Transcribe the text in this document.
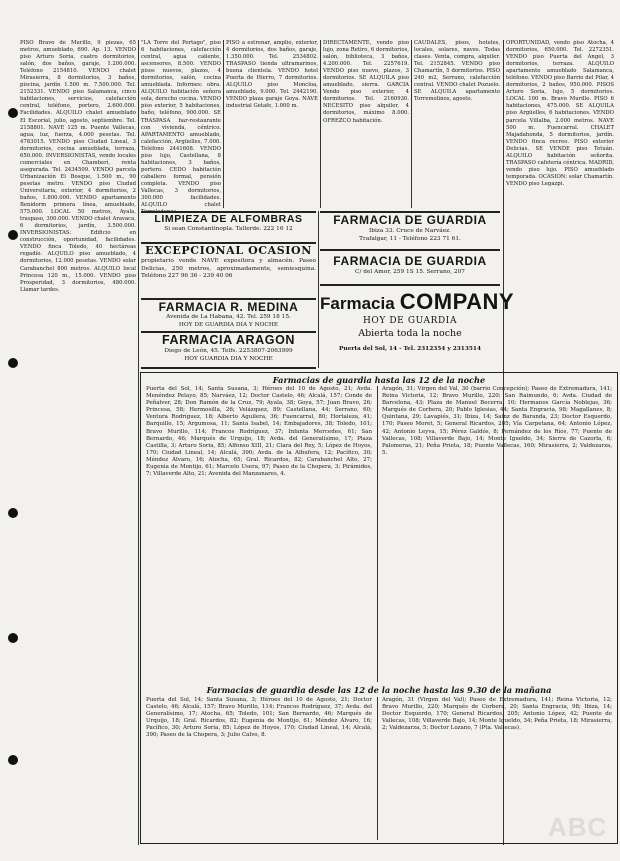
PISO Bravo de Murillo, 9 piezas, 65 metros, amueblado, 690. Ap. 13. VENDO piso Arturo Soria, cuatro dormitorios, salón, dos baños, garaje, 1.200.000. Teléfono 2154810. VENDO chalet Mirasierra, 8 dormitorios, 3 baños, piscina, jardín 1.500 m. 7.500.000. Tel. 2152331. VENDO piso Salamanca, cinco habitaciones, servicios, calefacción central, teléfono, portero, 2.600.000. Facilidades. ALQUILO chalet amueblado El Escorial, julio, agosto, septiembre. Tel. 2158801. NAVE 125 m. Puente Vallecas, agua, luz, fuerza, 4.000 pesetas. Tel. 4783015. VENDO piso Ciudad Lineal, 3 dormitorios, cocina amueblada, terraza, 650.000. INVERSIONISTAS, vendo locales comerciales en Chamberí, renta asegurada. Tel. 2434509. VENDO parcela Urbanización El Bosque, 1.500 m., 90 pesetas metro. VENDO piso Ciudad Universitaria, exterior, 4 dormitorios, 2 baños, 1.800.000. VENDO apartamento Benidorm primera línea, amueblado, 575.000. LOCAL 50 metros, Ayala, traspaso, 300.000. VENDO chalet Aravaca, 6 dormitorios, jardín, 3.500.000. INVERSIONISTAS: Edificio en construcción, oportunidad, facilidades. VENDO finca Toledo, 40 hectáreas regadío. ALQUILO piso amueblado, 4 dormitorios, 12.000 pesetas. VENDO solar Carabanchel 800 metros. ALQUILO local Princesa 120 m., 15.000. VENDO piso Prosperidad, 3 dormitorios, 480.000. Llamar tardes.

"LA Torre del Portago", piso 6 habitaciones, calefacción central, agua caliente, ascensores, 8.500. VENDO pisos nuevos, plazos, 4 dormitorios, salón, cocina amueblada. Informes: obra. ALQUILO habitación señora sola, derecho cocina. VENDO piso exterior, 5 habitaciones, baño, teléfono, 900.000. SE TRASPASA bar-restaurante con vivienda, céntrico. APARTAMENTO amueblado, calefacción, Argüelles, 7.000. Teléfono 2441608. VENDO piso lujo, Castellana, 8 habitaciones, 3 baños, portero. CEDO habitación caballero formal, pensión completa. VENDO piso Vallecas, 3 dormitorios, 300.000 facilidades. ALQUILO chalet

PISO a estrenar, amplio, exterior, 4 dormitorios, dos baños, garaje, 1.350.000. Tel. 2534802. TRASPASO tienda ultramarinos, buena clientela. VENDO hotel Puerta de Hierro, 7 dormitorios. ALQUILO piso Moncloa, amueblado, 9.000. Tel. 2442190. VENDO plaza garaje Goya. NAVE industrial Getafe, 1.000 m.

DIRECTAMENTE, vendo piso lujo, zona Retiro, 6 dormitorios, salón, biblioteca, 3 baños, 4.200.000. Tel. 2257619. VENDO piso nuevo, plazos, 3 dormitorios. SE ALQUILA piso amueblado, sierra. GARCIA Vendo piso exterior, 4 dormitorios. Tel. 2160930. NECESITO piso alquiler, 4 dormitorios, máximo 8.000. OFREZCO habitación.

CAUDALES, pisos, hoteles, locales, solares, naves. Todas clases. Venta, compra, alquiler. Tel. 2152845. VENDO piso Chamartín, 5 dormitorios. PISO 240 m2, Serrano, calefacción central. VENDO chalet Pozuelo. SE ALQUILA apartamento Torremolinos, agosto.

OPORTUNIDAD, vendo piso Atocha, 4 dormitorios, 650.000. Tel. 2272351. VENDO piso Puerta del Ángel, 3 dormitorios, terraza. ALQUILO apartamento amueblado Salamanca, teléfono. VENDO piso Barrio del Pilar, 4 dormitorios, 2 baños, 950.000. PISOS Arturo Soria, lujo, 5 dormitorios. LOCAL 100 m. Bravo Murillo. PISO 6 habitaciones, 475.000. SE ALQUILA piso Argüelles, 6 habitaciones. VENDO parcela Villalba, 2.000 metros. NAVE 500 m. Fuencarral. CHALET Majadahonda, 5 dormitorios, jardín. VENDO finca recreo. PISO exterior Delicias. SE VENDE piso Tetuán. ALQUILO habitación señorita. TRASPASO cafetería céntrica. MADRID, vendo piso lujo. PISO amueblado temporada. OCASION: solar Chamartín. VENDO piso Legazpi.

LIMPIEZA DE ALFOMBRAS
Si sean Constantinopla. Tallerde. 222 16 12
EXCEPCIONAL OCASION
propietario vende NAVE expositora y almacén. Paseo Delicias, 250 metros, aproximadamente, semiesquina. Teléfono 227 96 36 - 239 40 06
FARMACIA R. MEDINA
Avenida de La Habana, 42. Tel. 259 18 15.
HOY DE GUARDIA DIA Y NOCHE
FARMACIA ARAGON
Diego de León, 45. Telfs. 2253807-2063999
HOY GUARDIA DIA Y NOCHE
FARMACIA DE GUARDIA
Ibiza 33. Cruce de Narváez.
Trafalgar, 11 - Teléfono 223 71 61.
FARMACIA DE GUARDIA
C/ del Amor, 259 1S 15. Serrano, 207
Farmacia COMPANY
HOY DE GUARDIA
Abierta toda la noche
Puerta del Sol, 14 - Tel. 2312354 y 2313514
Farmacias de guardia hasta las 12 de la noche
Puerta del Sol, 14; Santa Susana, 3; Héroes del 10 de Agosto, 21; Avda. Menéndez Pelayo, 85; Narváez, 12; Doctor Castelo, 46; Alcalá, 157; Conde de Peñalver, 28; Don Ramón de la Cruz, 79; Ayala, 38; Goya, 57; Juan Bravo, 26; Princesa, 58; Hermosilla, 26; Velázquez, 89; Castellana, 44; Serrano, 60; Ventura Rodríguez, 18; Alberto Aguilera, 36; Fuencarral, 80; Hortaleza, 41; Barquillo, 15; Argumosa, 11; Santa Isabel, 14; Embajadores, 38; Toledo, 101; Bravo Murillo, 114; Francos Rodríguez, 37; Infanta Mercedes, 61; San Bernardo, 46; Marqués de Urquijo, 18; Avda. del Generalísimo, 17; Plaza Castilla, 3; Arturo Soria, 85; Alfonso XIII, 21; Clara del Rey, 5; López de Hoyos, 170; Ciudad Lineal, 14; Alcalá, 390; Avda. de la Albufera, 12; Pacífico, 30; Méndez Álvaro, 16; Atocha, 65; Gral. Ricardos, 82; Carabanchel Alto, 27; Eugenia de Montijo, 61; Marcelo Usera, 97; Paseo de la Chopera, 3; Pirámides, 7; Villaverde Alto, 21; Avenida del Manzanares, 4.
Aragón, 31; Virgen del Val, 30 (barrio Concepción); Paseo de Extremadura, 141; Reina Victoria, 12; Bravo Murillo, 220; San Raimundo, 6; Avda. Ciudad de Barcelona, 43; Plaza de Manuel Becerra, 10; Hermanos García Noblejas, 36; Marqués de Corbera, 20; Pablo Iglesias, 44; Santa Engracia, 98; Magallanes, 8; Quintana, 29; Lavapiés, 31; Ibiza, 14; Sainz de Baranda, 23; Doctor Esquerdo, 170; Paseo Moret, 5; General Ricardos, 205; Vía Carpetana, 64; Antonio López, 42; Antonio Leyva, 15; Pérez Galdós, 8; Fernández de los Ríos, 77; Puente de Vallecas, 108; Villaverde Bajo, 14; Monte Igueldo, 34; Sierra de Cazorla, 6; Palomeras, 21; Peña Prieta, 18; Puente Vallecas, 160; Mirasierra, 2; Valdezarza, 5.
Farmacias de guardia desde las 12 de la noche hasta las 9.30 de la mañana
Puerta del Sol, 14; Santa Susana, 3; Héroes del 10 de Agosto, 21; Doctor Castelo, 46; Alcalá, 157; Bravo Murillo, 114; Francos Rodríguez, 37; Avda. del Generalísimo, 17; Atocha, 65; Toledo, 101; San Bernardo, 46; Marqués de Urquijo, 18; Gral. Ricardos, 82; Eugenia de Montijo, 61; Méndez Álvaro, 16; Pacífico, 30; Arturo Soria, 85; López de Hoyos, 170; Ciudad Lineal, 14; Alcalá, 390; Paseo de la Chopera, 3; Julio Calvo, 8.
Aragón, 31 (Virgen del Val); Paseo de Extremadura, 141; Reina Victoria, 12; Bravo Murillo, 220; Marqués de Corbera, 20; Santa Engracia, 98; Ibiza, 14; Doctor Esquerdo, 170; General Ricardos, 205; Antonio López, 42; Puente de Vallecas, 108; Villaverde Bajo, 14; Monte Igueldo, 34; Peña Prieta, 18; Mirasierra, 2; Valdezarza, 5; Doctor Lozano, 7 (Pta. Vallecas).
ABC
